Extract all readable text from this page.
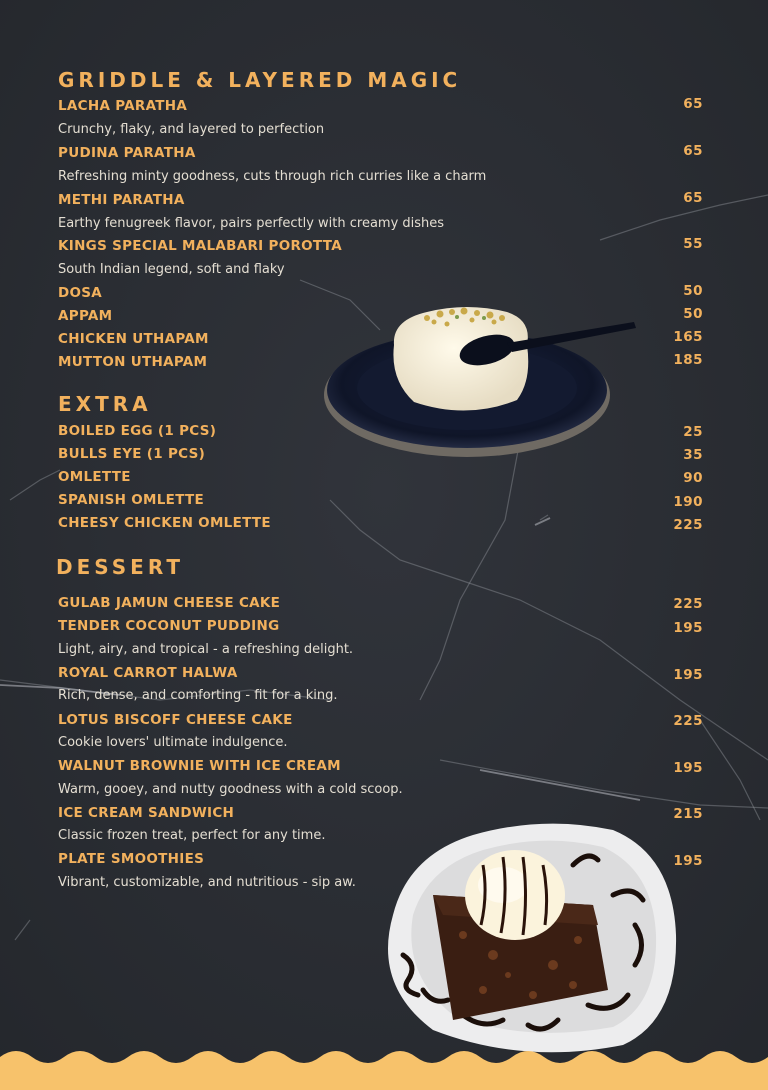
GRIDDLE & LAYERED MAGIC
LACHA PARATHA	65
Crunchy, flaky, and layered to perfection
PUDINA PARATHA	65
Refreshing minty goodness, cuts through rich curries like a charm
METHI PARATHA	65
Earthy fenugreek flavor, pairs perfectly with creamy dishes
KINGS SPECIAL MALABARI POROTTA	55
South Indian legend, soft and flaky
DOSA	50
APPAM	50
CHICKEN UTHAPAM	165
MUTTON UTHAPAM	185
EXTRA
BOILED EGG (1 PCS)	25
BULLS EYE (1 PCS)	35
OMLETTE	90
SPANISH OMLETTE	190
CHEESY CHICKEN OMLETTE	225
DESSERT
GULAB JAMUN CHEESE CAKE	225
TENDER COCONUT PUDDING	195
Light, airy, and tropical - a refreshing delight.
ROYAL CARROT HALWA	195
Rich, dense, and comforting - fit for a king.
LOTUS BISCOFF CHEESE CAKE	225
Cookie lovers' ultimate indulgence.
WALNUT BROWNIE WITH ICE CREAM	195
Warm, gooey, and nutty goodness with a cold scoop.
ICE CREAM SANDWICH	215
Classic frozen treat, perfect for any time.
PLATE SMOOTHIES	195
Vibrant, customizable, and nutritious - sip aw.
